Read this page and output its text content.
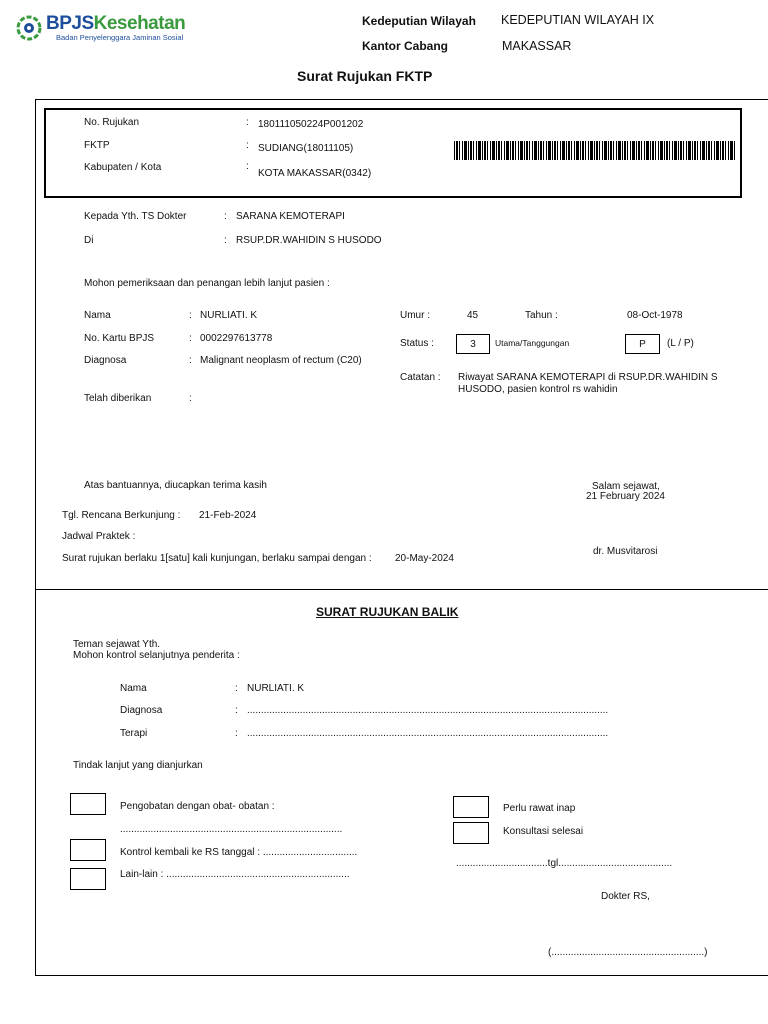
BPJSKesehatan
Badan Penyelenggara Jaminan Sosial
Kedeputian Wilayah KEDEPUTIAN WILAYAH IX
Kantor Cabang	MAKASSAR
Surat Rujukan FKTP
No. Rujukan	: 180111050224P001202
FKTP	: SUDIANG(18011105)
Kabupaten / Kota	:
KOTA MAKASSAR(0342)
Kepada Yth. TS Dokter	: SARANA KEMOTERAPI
Di	: RSUP.DR.WAHIDIN S HUSODO
Mohon pemeriksaan dan penangan lebih lanjut pasien :
Nama	: NURLIATI. K
No. Kartu BPJS	: 0002297613778
Diagnosa	: Malignant neoplasm of rectum (C20)
Telah diberikan	:
Umur :	45	Tahun :	08-Oct-1978
Status :	3	Utama/Tanggungan	P	(L / P)
Catatan : Riwayat SARANA KEMOTERAPI di RSUP.DR.WAHIDIN S
HUSODO, pasien kontrol rs wahidin
Atas bantuannya, diucapkan terima kasih	Salam sejawat,
21 February 2024
Tgl. Rencana Berkunjung : 21-Feb-2024
Jadwal Praktek :
Surat rujukan berlaku 1[satu] kali kunjungan, berlaku sampai dengan : 20-May-2024
dr. Musvitarosi
SURAT RUJUKAN BALIK
Teman sejawat Yth.
Mohon kontrol selanjutnya penderita :
Nama	: NURLIATI. K
Diagnosa	: ..................................................................................................................................
Terapi	: ..................................................................................................................................
Tindak lanjut yang dianjurkan
Pengobatan dengan obat- obatan :
................................................................................
Kontrol kembali ke RS tanggal : ..................................
Lain-lain : ..................................................................
Perlu rawat inap
Konsultasi selesai
.................................tgl.........................................
Dokter RS,
(.......................................................)
